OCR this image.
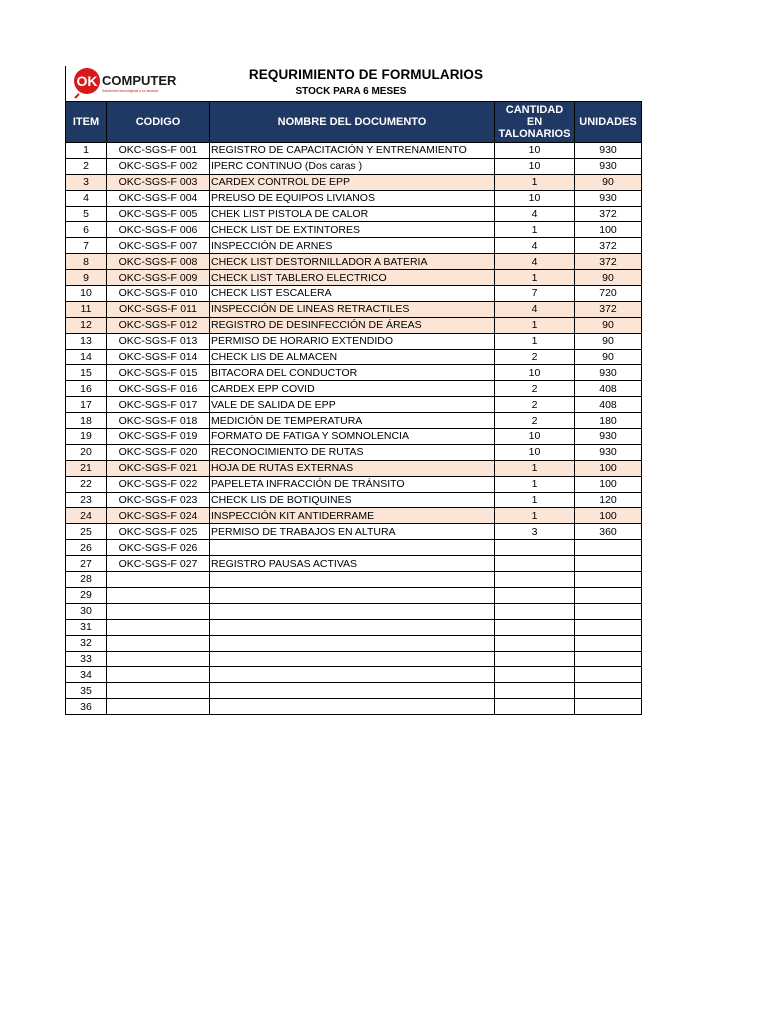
OK COMPUTER
Soluciones tecnológicas a su alcance
REQURIMIENTO DE FORMULARIOS
STOCK PARA 6 MESES
ITEM	CODIGO	NOMBRE DEL DOCUMENTO	CANTIDAD EN TALONARIOS	UNIDADES
1	OKC-SGS-F 001	REGISTRO DE CAPACITACIÓN Y ENTRENAMIENTO	10	930
2	OKC-SGS-F 002	IPERC CONTINUO (Dos caras )	10	930
3	OKC-SGS-F 003	CARDEX CONTROL DE EPP	1	90
4	OKC-SGS-F 004	PREUSO DE EQUIPOS LIVIANOS	10	930
5	OKC-SGS-F 005	CHEK LIST PISTOLA DE CALOR	4	372
6	OKC-SGS-F 006	CHECK LIST DE EXTINTORES	1	100
7	OKC-SGS-F 007	INSPECCIÓN DE ARNES	4	372
8	OKC-SGS-F 008	CHECK LIST DESTORNILLADOR A BATERIA	4	372
9	OKC-SGS-F 009	CHECK LIST TABLERO ELECTRICO	1	90
10	OKC-SGS-F 010	CHECK LIST ESCALERA	7	720
11	OKC-SGS-F 011	INSPECCIÓN DE LINEAS RETRACTILES	4	372
12	OKC-SGS-F 012	REGISTRO DE DESINFECCIÓN DE ÁREAS	1	90
13	OKC-SGS-F 013	PERMISO DE HORARIO EXTENDIDO	1	90
14	OKC-SGS-F 014	CHECK LIS DE ALMACEN	2	90
15	OKC-SGS-F 015	BITACORA DEL CONDUCTOR	10	930
16	OKC-SGS-F 016	CARDEX EPP COVID	2	408
17	OKC-SGS-F 017	VALE DE SALIDA DE EPP	2	408
18	OKC-SGS-F 018	MEDICIÓN DE TEMPERATURA	2	180
19	OKC-SGS-F 019	FORMATO DE FATIGA Y SOMNOLENCIA	10	930
20	OKC-SGS-F 020	RECONOCIMIENTO DE RUTAS	10	930
21	OKC-SGS-F 021	HOJA DE RUTAS EXTERNAS	1	100
22	OKC-SGS-F 022	PAPELETA INFRACCIÓN DE TRÁNSITO	1	100
23	OKC-SGS-F 023	CHECK LIS DE BOTIQUINES	1	120
24	OKC-SGS-F 024	INSPECCIÓN KIT ANTIDERRAME	1	100
25	OKC-SGS-F 025	PERMISO DE TRABAJOS EN ALTURA	3	360
26	OKC-SGS-F 026			
27	OKC-SGS-F 027	REGISTRO PAUSAS ACTIVAS		
28				
29				
30				
31				
32				
33				
34				
35				
36				
